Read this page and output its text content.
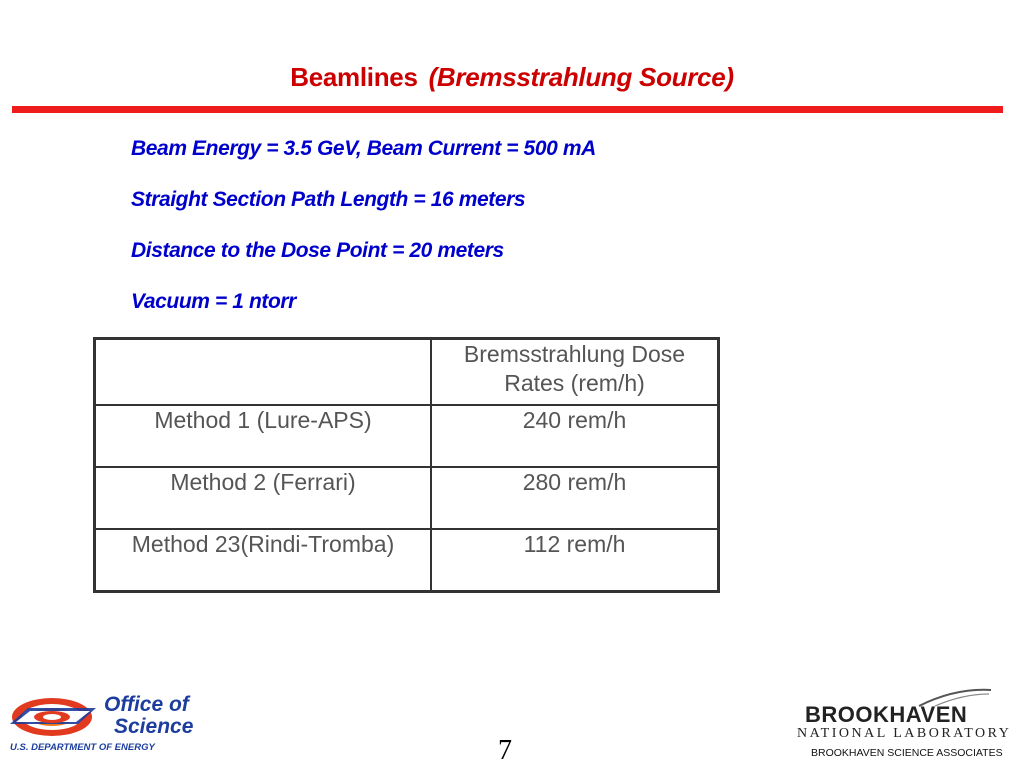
Beamlines (Bremsstrahlung Source)
Beam Energy = 3.5 GeV, Beam Current = 500 mA
Straight Section Path Length = 16 meters
Distance to the Dose Point = 20 meters
Vacuum = 1 ntorr
	Bremsstrahlung Dose Rates (rem/h)
Method 1 (Lure-APS)	240 rem/h
Method 2 (Ferrari)	280 rem/h
Method 23(Rindi-Tromba)	112 rem/h
Office of
Science
U.S. DEPARTMENT OF ENERGY	7
BROOKHAVEN
NATIONAL LABORATORY
BROOKHAVEN SCIENCE ASSOCIATES
